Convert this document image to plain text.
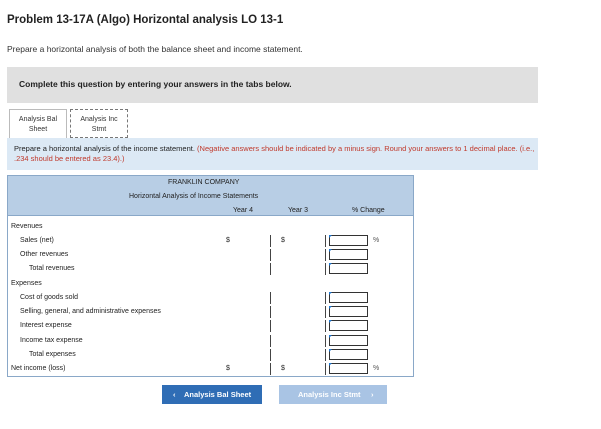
Problem 13-17A (Algo) Horizontal analysis LO 13-1
Prepare a horizontal analysis of both the balance sheet and income statement.
Complete this question by entering your answers in the tabs below.
Analysis Bal
Sheet
Analysis Inc
Stmt
Prepare a horizontal analysis of the income statement. (Negative answers should be indicated by a minus sign. Round your answers to 1 decimal place. (i.e., .234 should be entered as 23.4).)
FRANKLIN COMPANY
Horizontal Analysis of Income Statements
Year 4	Year 3	% Change
Revenues
Sales (net)	$	$	%
Other revenues
Total revenues
Expenses
Cost of goods sold
Selling, general, and administrative expenses
Interest expense
Income tax expense
Total expenses
Net income (loss)	$	$	%
‹ Analysis Bal Sheet	Analysis Inc Stmt ›
